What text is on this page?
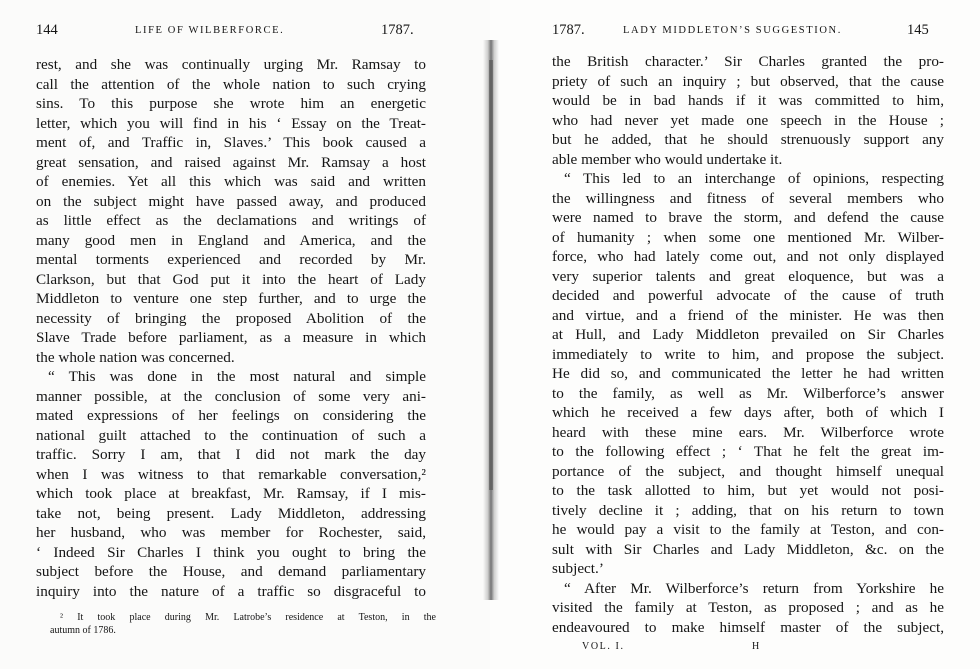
144	LIFE OF WILBERFORCE.	1787.
rest, and she was continually urging Mr. Ramsay to
call the attention of the whole nation to such crying
sins. To this purpose she wrote him an energetic
letter, which you will find in his ‘ Essay on the Treat-
ment of, and Traffic in, Slaves.’ This book caused a
great sensation, and raised against Mr. Ramsay a host
of enemies. Yet all this which was said and written
on the subject might have passed away, and produced
as little effect as the declamations and writings of
many good men in England and America, and the
mental torments experienced and recorded by Mr.
Clarkson, but that God put it into the heart of Lady
Middleton to venture one step further, and to urge the
necessity of bringing the proposed Abolition of the
Slave Trade before parliament, as a measure in which
the whole nation was concerned.
“ This was done in the most natural and simple
manner possible, at the conclusion of some very ani-
mated expressions of her feelings on considering the
national guilt attached to the continuation of such a
traffic. Sorry I am, that I did not mark the day
when I was witness to that remarkable conversation,²
which took place at breakfast, Mr. Ramsay, if I mis-
take not, being present. Lady Middleton, addressing
her husband, who was member for Rochester, said,
‘ Indeed Sir Charles I think you ought to bring the
subject before the House, and demand parliamentary
inquiry into the nature of a traffic so disgraceful to
² It took place during Mr. Latrobe’s residence at Teston, in the
autumn of 1786.
1787.	LADY MIDDLETON’S SUGGESTION.	145
the British character.’ Sir Charles granted the pro-
priety of such an inquiry ; but observed, that the cause
would be in bad hands if it was committed to him,
who had never yet made one speech in the House ;
but he added, that he should strenuously support any
able member who would undertake it.
“ This led to an interchange of opinions, respecting
the willingness and fitness of several members who
were named to brave the storm, and defend the cause
of humanity ; when some one mentioned Mr. Wilber-
force, who had lately come out, and not only displayed
very superior talents and great eloquence, but was a
decided and powerful advocate of the cause of truth
and virtue, and a friend of the minister. He was then
at Hull, and Lady Middleton prevailed on Sir Charles
immediately to write to him, and propose the subject.
He did so, and communicated the letter he had written
to the family, as well as Mr. Wilberforce’s answer
which he received a few days after, both of which I
heard with these mine ears. Mr. Wilberforce wrote
to the following effect ; ‘ That he felt the great im-
portance of the subject, and thought himself unequal
to the task allotted to him, but yet would not posi-
tively decline it ; adding, that on his return to town
he would pay a visit to the family at Teston, and con-
sult with Sir Charles and Lady Middleton, &c. on the
subject.’
“ After Mr. Wilberforce’s return from Yorkshire he
visited the family at Teston, as proposed ; and as he
endeavoured to make himself master of the subject,
VOL. I.	H
